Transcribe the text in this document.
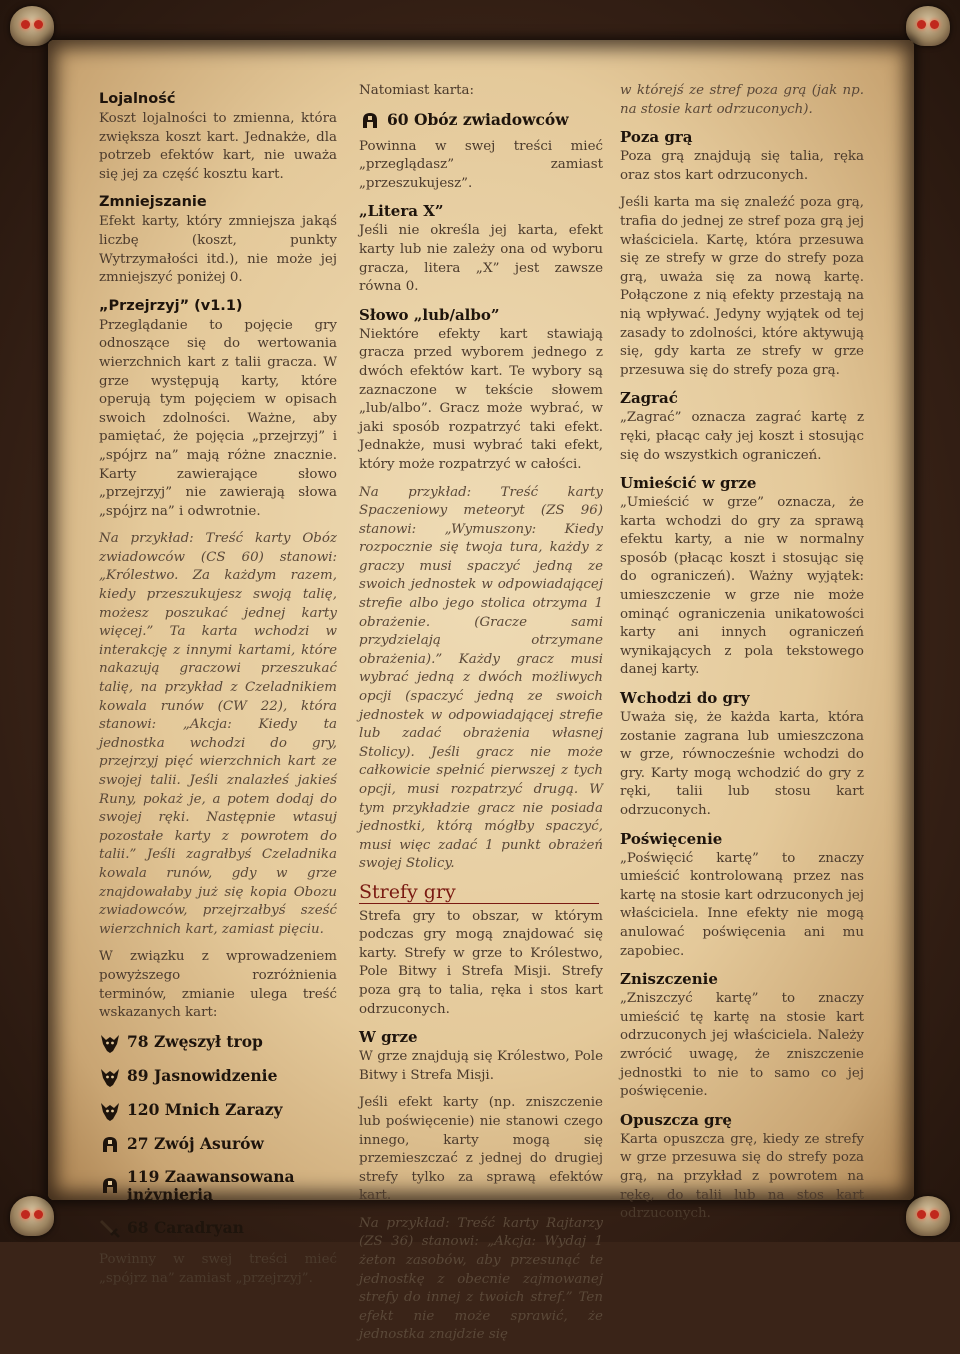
Lojalność

Koszt lojalności to zmienna, która zwiększa koszt kart. Jednakże, dla potrzeb efektów kart, nie uważa się jej za część kosztu kart.

Zmniejszanie

Efekt karty, który zmniejsza jakąś liczbę (koszt, punkty Wytrzymałości itd.), nie może jej zmniejszyć poniżej 0.

„Przejrzyj” (v1.1)

Przeglądanie to pojęcie gry odnoszące się do wertowania wierzchnich kart z talii gracza. W grze występują karty, które operują tym pojęciem w opisach swoich zdolności. Ważne, aby pamiętać, że pojęcia „przejrzyj” i „spójrz na” mają różne znacznie. Karty zawierające słowo „przejrzyj” nie zawierają słowa „spójrz na” i odwrotnie.

Na przykład: Treść karty Obóz zwiadowców (CS 60) stanowi: „Królestwo. Za każdym razem, kiedy przeszukujesz swoją talię, możesz poszukać jednej karty więcej.” Ta karta wchodzi w interakcję z innymi kartami, które nakazują graczowi przeszukać talię, na przykład z Czeladnikiem kowala runów (CW 22), która stanowi: „Akcja: Kiedy ta jednostka wchodzi do gry, przejrzyj pięć wierzchnich kart ze swojej talii. Jeśli znalazłeś jakieś Runy, pokaż je, a potem dodaj do swojej ręki. Następnie wtasuj pozostałe karty z powrotem do talii.” Jeśli zagrałbyś Czeladnika kowala runów, gdy w grze znajdowałaby już się kopia Obozu zwiadowców, przejrzałbyś sześć wierzchnich kart, zamiast pięciu.

W związku z wprowadzeniem powyższego rozróżnienia terminów, zmianie ulega treść wskazanych kart:

78 Zwęszył trop
89 Jasnowidzenie
120 Mnich Zarazy
27 Zwój Asurów
119 Zaawansowana inżynieria
68 Caradryan

Powinny w swej treści mieć „spójrz na” zamiast „przejrzyj”.

Natomiast karta:

60 Obóz zwiadowców

Powinna w swej treści mieć „przeglądasz” zamiast „przeszukujesz”.

„Litera X”

Jeśli nie określa jej karta, efekt karty lub nie zależy ona od wyboru gracza, litera „X” jest zawsze równa 0.

Słowo „lub/albo”

Niektóre efekty kart stawiają gracza przed wyborem jednego z dwóch efektów kart. Te wybory są zaznaczone w tekście słowem „lub/albo”. Gracz może wybrać, w jaki sposób rozpatrzyć taki efekt. Jednakże, musi wybrać taki efekt, który może rozpatrzyć w całości.

Na przykład: Treść karty Spaczeniowy meteoryt (ZS 96) stanowi: „Wymuszony: Kiedy rozpocznie się twoja tura, każdy z graczy musi spaczyć jedną ze swoich jednostek w odpowiadającej strefie albo jego stolica otrzyma 1 obrażenie. (Gracze sami przydzielają otrzymane obrażenia).” Każdy gracz musi wybrać jedną z dwóch możliwych opcji (spaczyć jedną ze swoich jednostek w odpowiadającej strefie lub zadać obrażenia własnej Stolicy). Jeśli gracz nie może całkowicie spełnić pierwszej z tych opcji, musi rozpatrzyć drugą. W tym przykładzie gracz nie posiada jednostki, którą mógłby spaczyć, musi więc zadać 1 punkt obrażeń swojej Stolicy.

Strefy gry

Strefa gry to obszar, w którym podczas gry mogą znajdować się karty. Strefy w grze to Królestwo, Pole Bitwy i Strefa Misji. Strefy poza grą to talia, ręka i stos kart odrzuconych.

W grze

W grze znajdują się Królestwo, Pole Bitwy i Strefa Misji.

Jeśli efekt karty (np. zniszczenie lub poświęcenie) nie stanowi czego innego, karty mogą się przemieszczać z jednej do drugiej strefy tylko za sprawą efektów kart.

Na przykład: Treść karty Rajtarzy (ZS 36) stanowi: „Akcja: Wydaj 1 żeton zasobów, aby przesunąć te jednostkę z obecnie zajmowanej strefy do innej z twoich stref.” Ten efekt nie może sprawić, że jednostka znajdzie się

w którejś ze stref poza grą (jak np. na stosie kart odrzuconych).

Poza grą

Poza grą znajdują się talia, ręka oraz stos kart odrzuconych.

Jeśli karta ma się znaleźć poza grą, trafia do jednej ze stref poza grą jej właściciela. Kartę, która przesuwa się ze strefy w grze do strefy poza grą, uważa się za nową kartę. Połączone z nią efekty przestają na nią wpływać. Jedyny wyjątek od tej zasady to zdolności, które aktywują się, gdy karta ze strefy w grze przesuwa się do strefy poza grą.

Zagrać

„Zagrać” oznacza zagrać kartę z ręki, płacąc cały jej koszt i stosując się do wszystkich ograniczeń.

Umieścić w grze

„Umieścić w grze” oznacza, że karta wchodzi do gry za sprawą efektu karty, a nie w normalny sposób (płacąc koszt i stosując się do ograniczeń). Ważny wyjątek: umieszczenie w grze nie może ominąć ograniczenia unikatowości karty ani innych ograniczeń wynikających z pola tekstowego danej karty.

Wchodzi do gry

Uważa się, że każda karta, która zostanie zagrana lub umieszczona w grze, równocześnie wchodzi do gry. Karty mogą wchodzić do gry z ręki, talii lub stosu kart odrzuconych.

Poświęcenie

„Poświęcić kartę” to znaczy umieścić kontrolowaną przez nas kartę na stosie kart odrzuconych jej właściciela. Inne efekty nie mogą anulować poświęcenia ani mu zapobiec.

Zniszczenie

„Zniszczyć kartę” to znaczy umieścić tę kartę na stosie kart odrzuconych jej właściciela. Należy zwrócić uwagę, że zniszczenie jednostki to nie to samo co jej poświęcenie.

Opuszcza grę

Karta opuszcza grę, kiedy ze strefy w grze przesuwa się do strefy poza grą, na przykład z powrotem na rękę, do talii lub na stos kart odrzuconych.
